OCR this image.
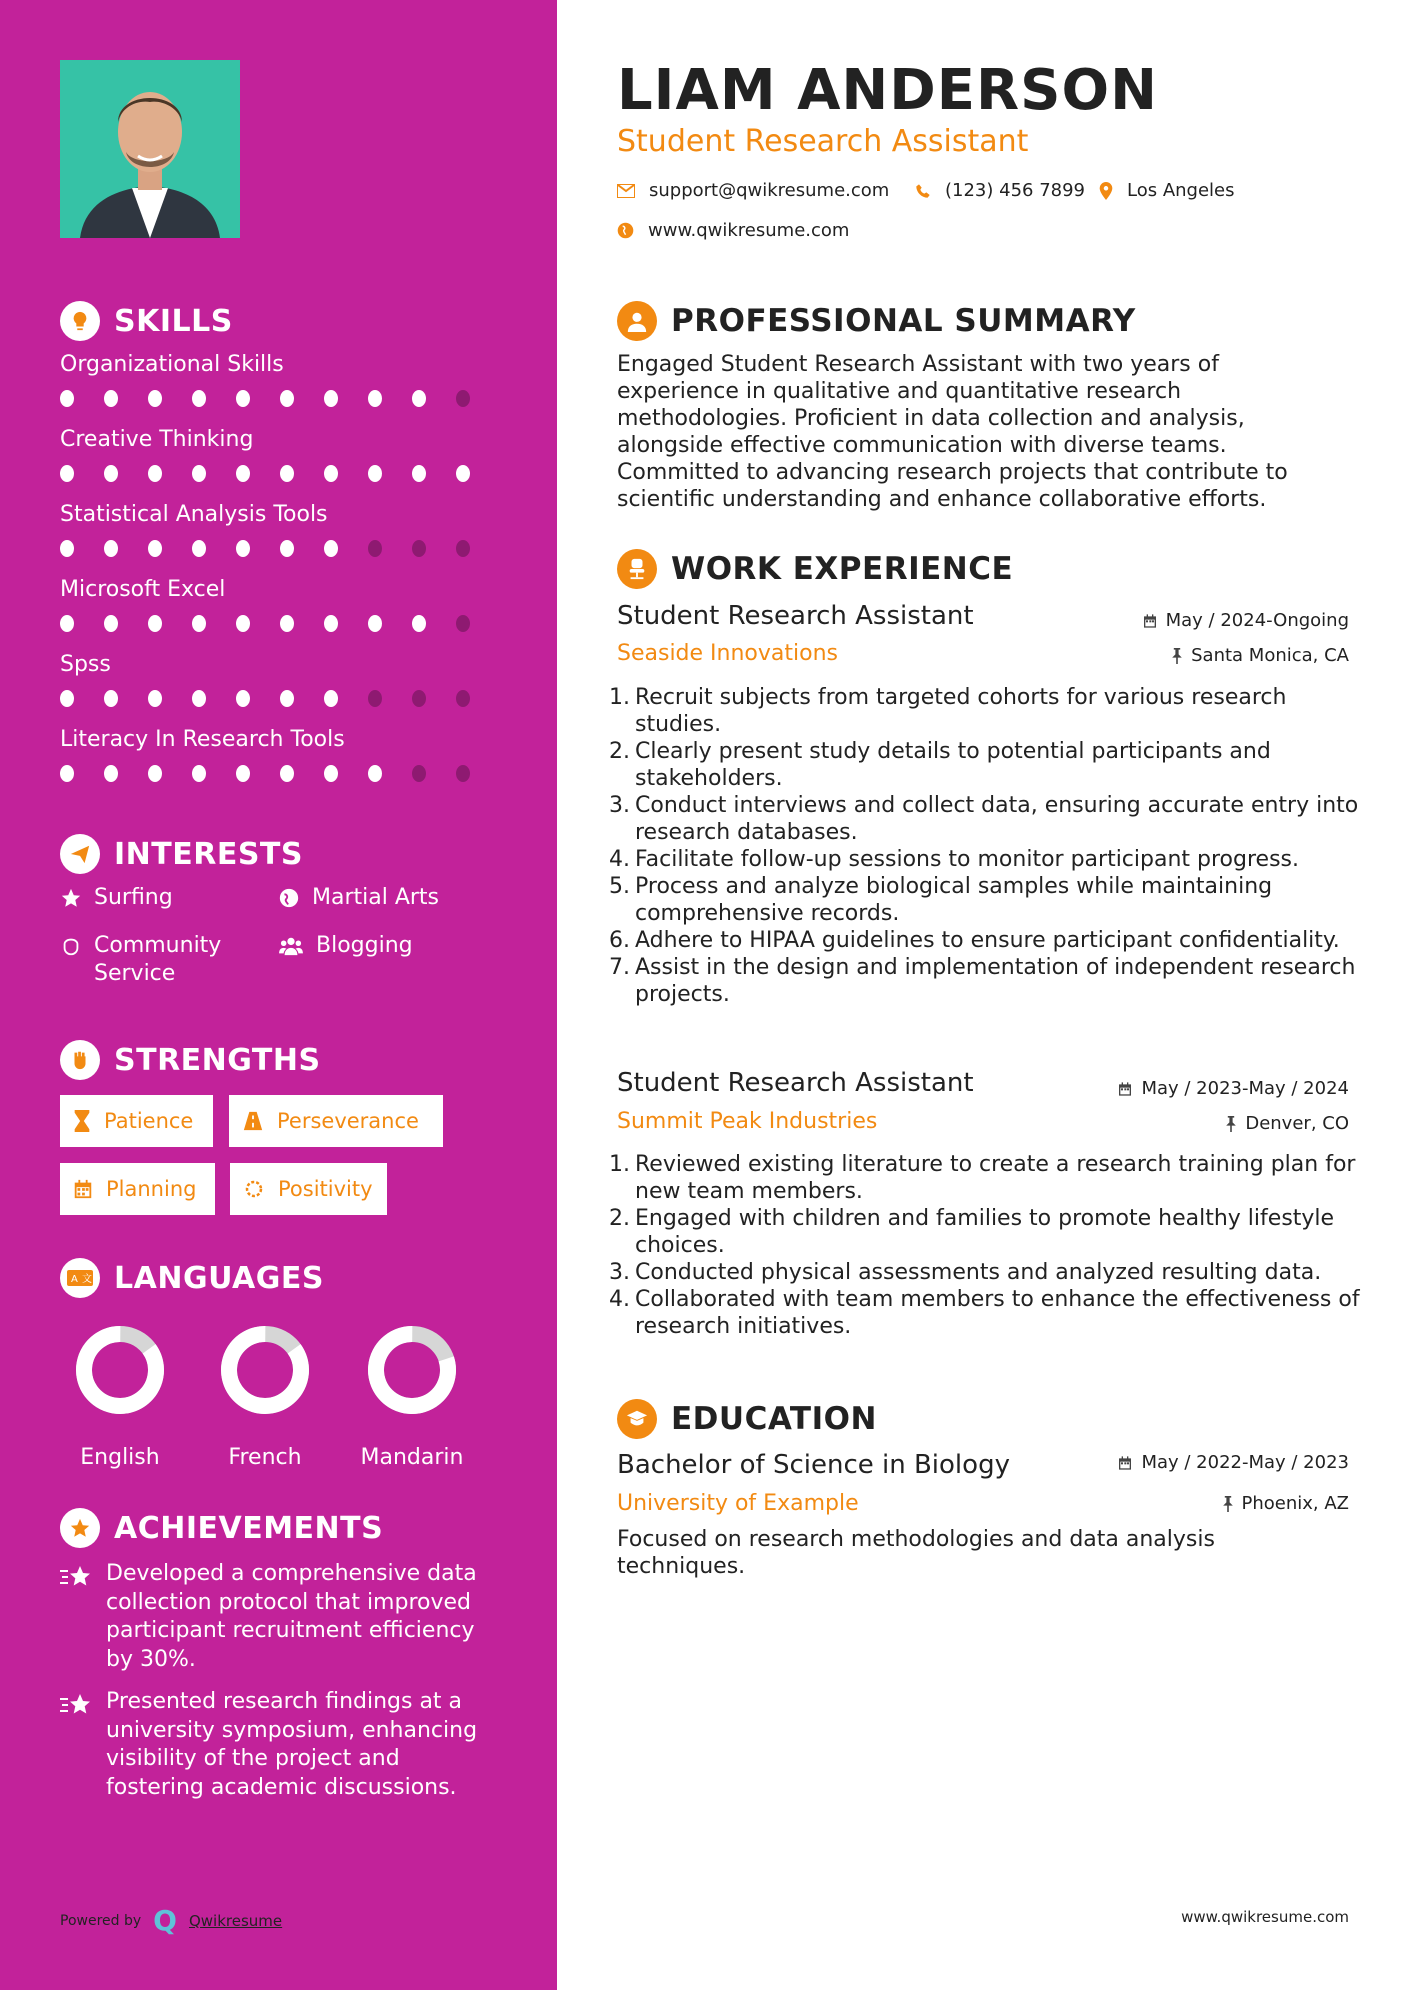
SKILLS
Organizational Skills
Creative Thinking
Statistical Analysis Tools
Microsoft Excel
Spss
Literacy In Research Tools
INTERESTS
Surfing	Martial Arts
Community Service
Blogging
STRENGTHS
Patience	Perseverance
Planning	Positivity
A 文 LANGUAGES
English	French	Mandarin
ACHIEVEMENTS
Developed a comprehensive data collection protocol that improved participant recruitment efficiency by 30%.
Presented research findings at a university symposium, enhancing visibility of the project and fostering academic discussions.
Powered by Q Qwikresume
LIAM ANDERSON
Student Research Assistant
support@qwikresume.com	(123) 456 7899 Los Angeles
www.qwikresume.com
PROFESSIONAL SUMMARY
Engaged Student Research Assistant with two years of experience in qualitative and quantitative research methodologies. Proficient in data collection and analysis, alongside effective communication with diverse teams. Committed to advancing research projects that contribute to scientific understanding and enhance collaborative efforts.
WORK EXPERIENCE
Student Research Assistant	May / 2024-Ongoing
Seaside Innovations	Santa Monica, CA
1. Recruit subjects from targeted cohorts for various research studies.
2. Clearly present study details to potential participants and stakeholders.
3. Conduct interviews and collect data, ensuring accurate entry into research databases.
4. Facilitate follow-up sessions to monitor participant progress.
5. Process and analyze biological samples while maintaining comprehensive records.
6. Adhere to HIPAA guidelines to ensure participant confidentiality.
7. Assist in the design and implementation of independent research projects.
Student Research Assistant	May / 2023-May / 2024
Summit Peak Industries	Denver, CO
1. Reviewed existing literature to create a research training plan for new team members.
2. Engaged with children and families to promote healthy lifestyle choices.
3. Conducted physical assessments and analyzed resulting data.
4. Collaborated with team members to enhance the effectiveness of research initiatives.
EDUCATION
Bachelor of Science in Biology	May / 2022-May / 2023
University of Example	Phoenix, AZ
Focused on research methodologies and data analysis techniques.
www.qwikresume.com
